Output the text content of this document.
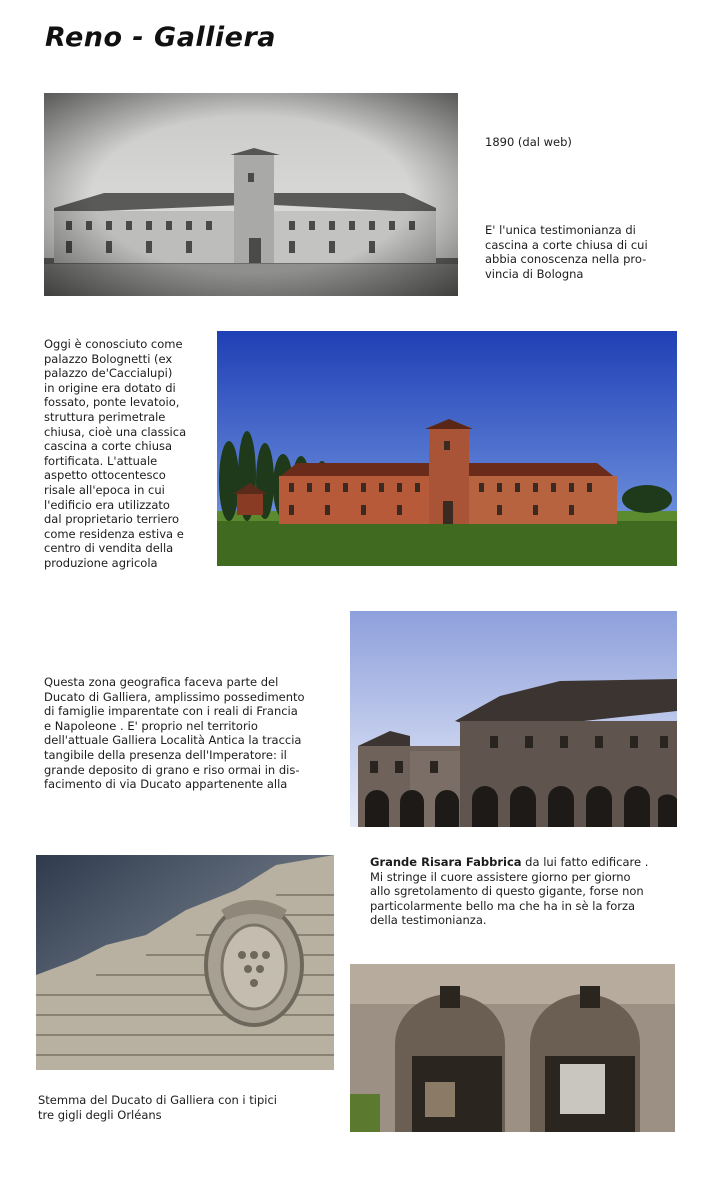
Reno - Galliera
1890 (dal web)
E' l'unica testimonianza di
cascina a corte chiusa di cui
abbia conoscenza nella pro-
vincia di Bologna
Oggi è conosciuto come
palazzo Bolognetti (ex
palazzo de'Caccialupi)
in origine era dotato di
fossato, ponte levatoio,
struttura perimetrale
chiusa, cioè una classica
cascina a corte chiusa
fortificata. L'attuale
aspetto ottocentesco
risale all'epoca in cui
l'edificio era utilizzato
dal proprietario terriero
come residenza estiva e
centro di vendita della
produzione agricola
Questa zona geografica faceva parte del
Ducato di Galliera, amplissimo possedimento
di famiglie imparentate con i reali di Francia
e Napoleone . E' proprio nel territorio
dell'attuale Galliera Località Antica la traccia
tangibile della presenza dell'Imperatore: il
grande deposito di grano e riso ormai in dis-
facimento di via Ducato appartenente alla
Grande Risara Fabbrica da lui fatto edificare .
Mi stringe il cuore assistere giorno per giorno
allo sgretolamento di questo gigante, forse non
particolarmente bello ma che ha in sè la forza
della testimonianza.
Stemma del Ducato di Galliera con i tipici
tre gigli degli Orléans
